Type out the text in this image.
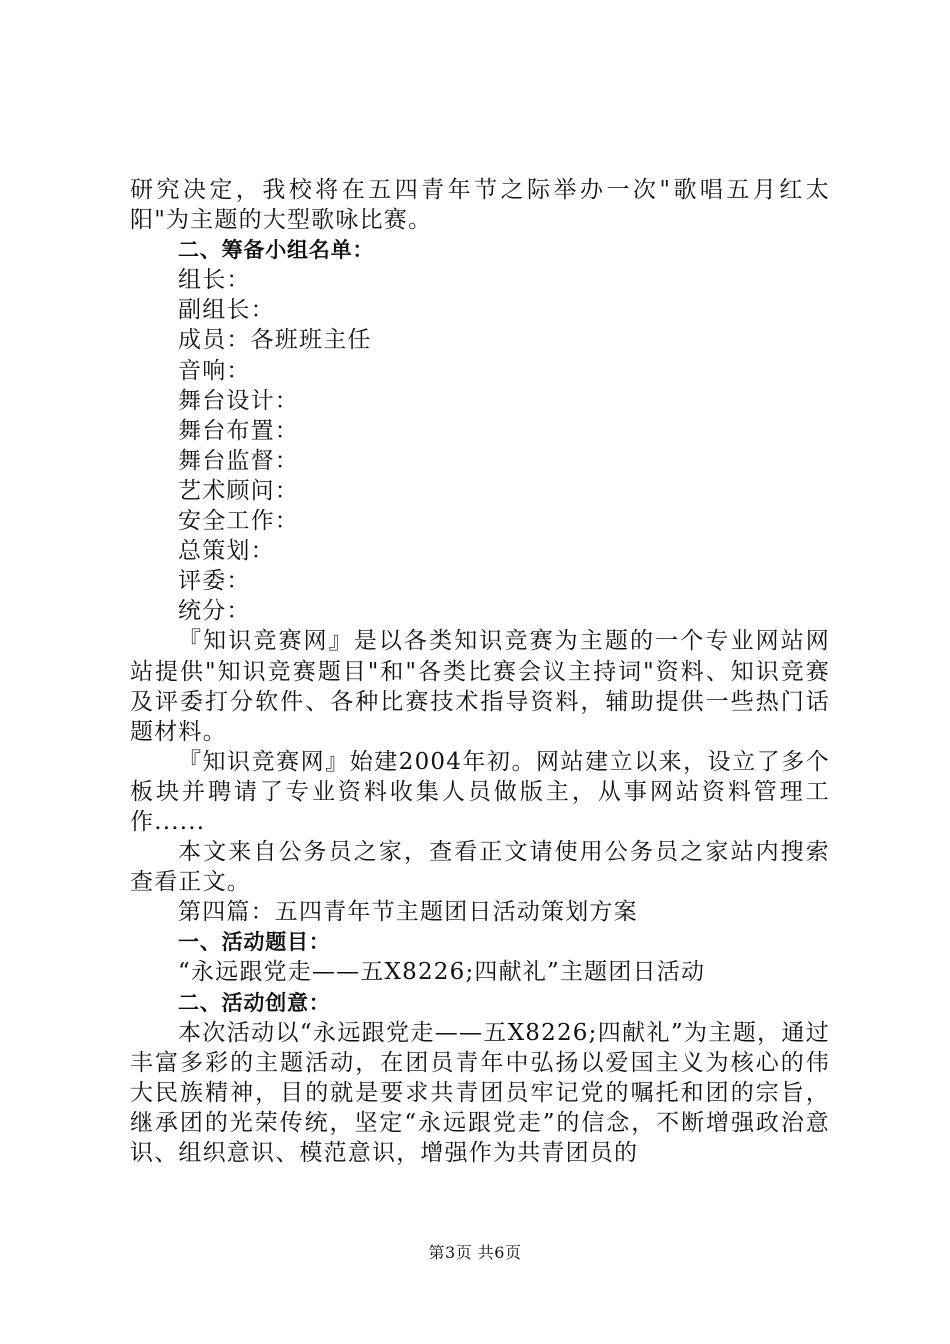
研究决定，我校将在五四青年节之际举办一次"歌唱五月红太阳"为主题的大型歌咏比赛。

二、筹备小组名单：

组长：

副组长：

成员：各班班主任

音响：

舞台设计：

舞台布置：

舞台监督：

艺术顾问：

安全工作：

总策划：

评委：

统分：

『知识竞赛网』是以各类知识竞赛为主题的一个专业网站网站提供"知识竞赛题目"和"各类比赛会议主持词"资料、知识竞赛及评委打分软件、各种比赛技术指导资料，辅助提供一些热门话题材料。

『知识竞赛网』始建2004年初。网站建立以来，设立了多个板块并聘请了专业资料收集人员做版主，从事网站资料管理工作......

本文来自公务员之家，查看正文请使用公务员之家站内搜索查看正文。

第四篇：五四青年节主题团日活动策划方案

一、活动题目：

“永远跟党走——五X8226;四献礼”主题团日活动

二、活动创意：

本次活动以“永远跟党走——五X8226;四献礼”为主题，通过丰富多彩的主题活动，在团员青年中弘扬以爱国主义为核心的伟大民族精神，目的就是要求共青团员牢记党的嘱托和团的宗旨，继承团的光荣传统，坚定“永远跟党走”的信念，不断增强政治意识、组织意识、模范意识，增强作为共青团员的

第3页 共6页
